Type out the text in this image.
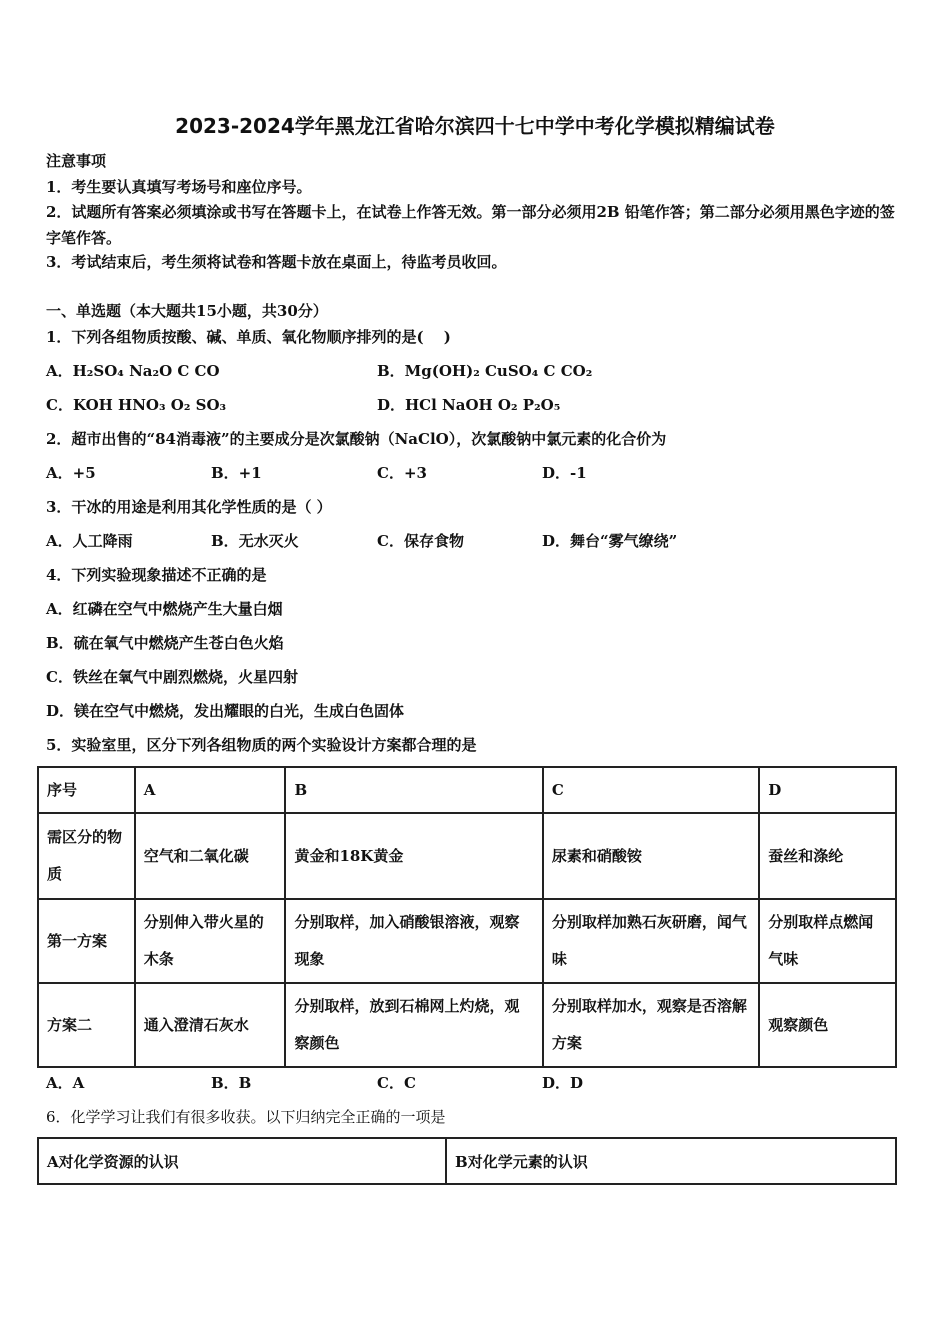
2023-2024学年黑龙江省哈尔滨四十七中学中考化学模拟精编试卷
注意事项
1．考生要认真填写考场号和座位序号。
2．试题所有答案必须填涂或书写在答题卡上，在试卷上作答无效。第一部分必须用2B 铅笔作答；第二部分必须用黑色字迹的签字笔作答。
3．考试结束后，考生须将试卷和答题卡放在桌面上，待监考员收回。
一、单选题（本大题共15小题，共30分）
1．下列各组物质按酸、碱、单质、氧化物顺序排列的是(　 )
A．H₂SO₄ Na₂O C CO	B．Mg(OH)₂ CuSO₄ C CO₂
C．KOH HNO₃ O₂ SO₃	D．HCl NaOH O₂ P₂O₅
2．超市出售的“84消毒液”的主要成分是次氯酸钠（NaClO），次氯酸钠中氯元素的化合价为
A．+5	B．+1	C．+3	D．-1
3．干冰的用途是利用其化学性质的是（ ）
A．人工降雨	B．无水灭火	C．保存食物	D．舞台“雾气缭绕”
4．下列实验现象描述不正确的是
A．红磷在空气中燃烧产生大量白烟
B．硫在氧气中燃烧产生苍白色火焰
C．铁丝在氧气中剧烈燃烧，火星四射
D．镁在空气中燃烧，发出耀眼的白光，生成白色固体
5．实验室里，区分下列各组物质的两个实验设计方案都合理的是
序号	A	B	C	D
需区分的物质	空气和二氧化碳	黄金和18K黄金	尿素和硝酸铵	蚕丝和涤纶
第一方案	分别伸入带火星的木条	分别取样，加入硝酸银溶液，观察现象	分别取样加熟石灰研磨，闻气味	分别取样点燃闻气味
方案二	通入澄清石灰水	分别取样，放到石棉网上灼烧，观察颜色	分别取样加水，观察是否溶解方案	观察颜色
A．A	B．B	C．C	D．D
6．化学学习让我们有很多收获。以下归纳完全正确的一项是
A对化学资源的认识	B对化学元素的认识
